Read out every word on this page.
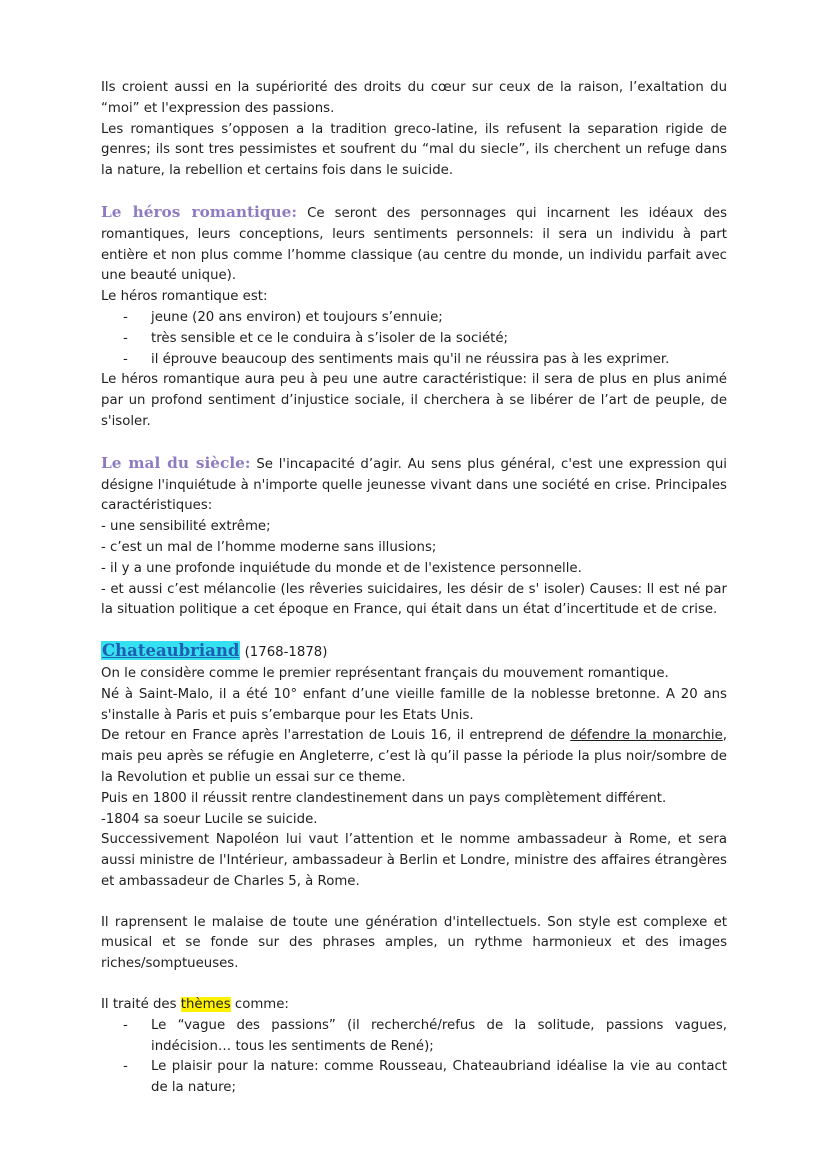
Ils croient aussi en la supériorité des droits du cœur sur ceux de la raison, l’exaltation du “moi” et l'expression des passions.

Les romantiques s’opposen a la tradition greco-latine, ils refusent la separation rigide de genres; ils sont tres pessimistes et soufrent du “mal du siecle”, ils cherchent un refuge dans la nature, la rebellion et certains fois dans le suicide.

Le héros romantique: Ce seront des personnages qui incarnent les idéaux des romantiques, leurs conceptions, leurs sentiments personnels: il sera un individu à part entière et non plus comme l’homme classique (au centre du monde, un individu parfait avec une beauté unique).

Le héros romantique est:

- jeune (20 ans environ) et toujours s’ennuie;
- très sensible et ce le conduira à s’isoler de la société;
- il éprouve beaucoup des sentiments mais qu'il ne réussira pas à les exprimer.

Le héros romantique aura peu à peu une autre caractéristique: il sera de plus en plus animé par un profond sentiment d’injustice sociale, il cherchera à se libérer de l’art de peuple, de s'isoler.

Le mal du siècle: Se l'incapacité d’agir. Au sens plus général, c'est une expression qui désigne l'inquiétude à n'importe quelle jeunesse vivant dans une société en crise. Principales caractéristiques:

- une sensibilité extrême;

- c’est un mal de l’homme moderne sans illusions;

- il y a une profonde inquiétude du monde et de l'existence personnelle.

- et aussi c’est mélancolie (les rêveries suicidaires, les désir de s' isoler) Causes: Il est né par la situation politique a cet époque en France, qui était dans un état d’incertitude et de crise.

Chateaubriand (1768-1878)

On le considère comme le premier représentant français du mouvement romantique.

Né à Saint-Malo, il a été 10° enfant d’une vieille famille de la noblesse bretonne. A 20 ans s'installe à Paris et puis s’embarque pour les Etats Unis.

De retour en France après l'arrestation de Louis 16, il entreprend de défendre la monarchie, mais peu après se réfugie en Angleterre, c’est là qu’il passe la période la plus noir/sombre de la Revolution et publie un essai sur ce theme.

Puis en 1800 il réussit rentre clandestinement dans un pays complètement différent.

-1804 sa soeur Lucile se suicide.

Successivement Napoléon lui vaut l’attention et le nomme ambassadeur à Rome, et sera aussi ministre de l'Intérieur, ambassadeur à Berlin et Londre, ministre des affaires étrangères et ambassadeur de Charles 5, à Rome.

Il raprensent le malaise de toute une génération d'intellectuels. Son style est complexe et musical et se fonde sur des phrases amples, un rythme harmonieux et des images riches/somptueuses.

Il traité des thèmes comme:

- Le “vague des passions” (il recherché/refus de la solitude, passions vagues, indécision… tous les sentiments de René);
- Le plaisir pour la nature: comme Rousseau, Chateaubriand idéalise la vie au contact de la nature;
